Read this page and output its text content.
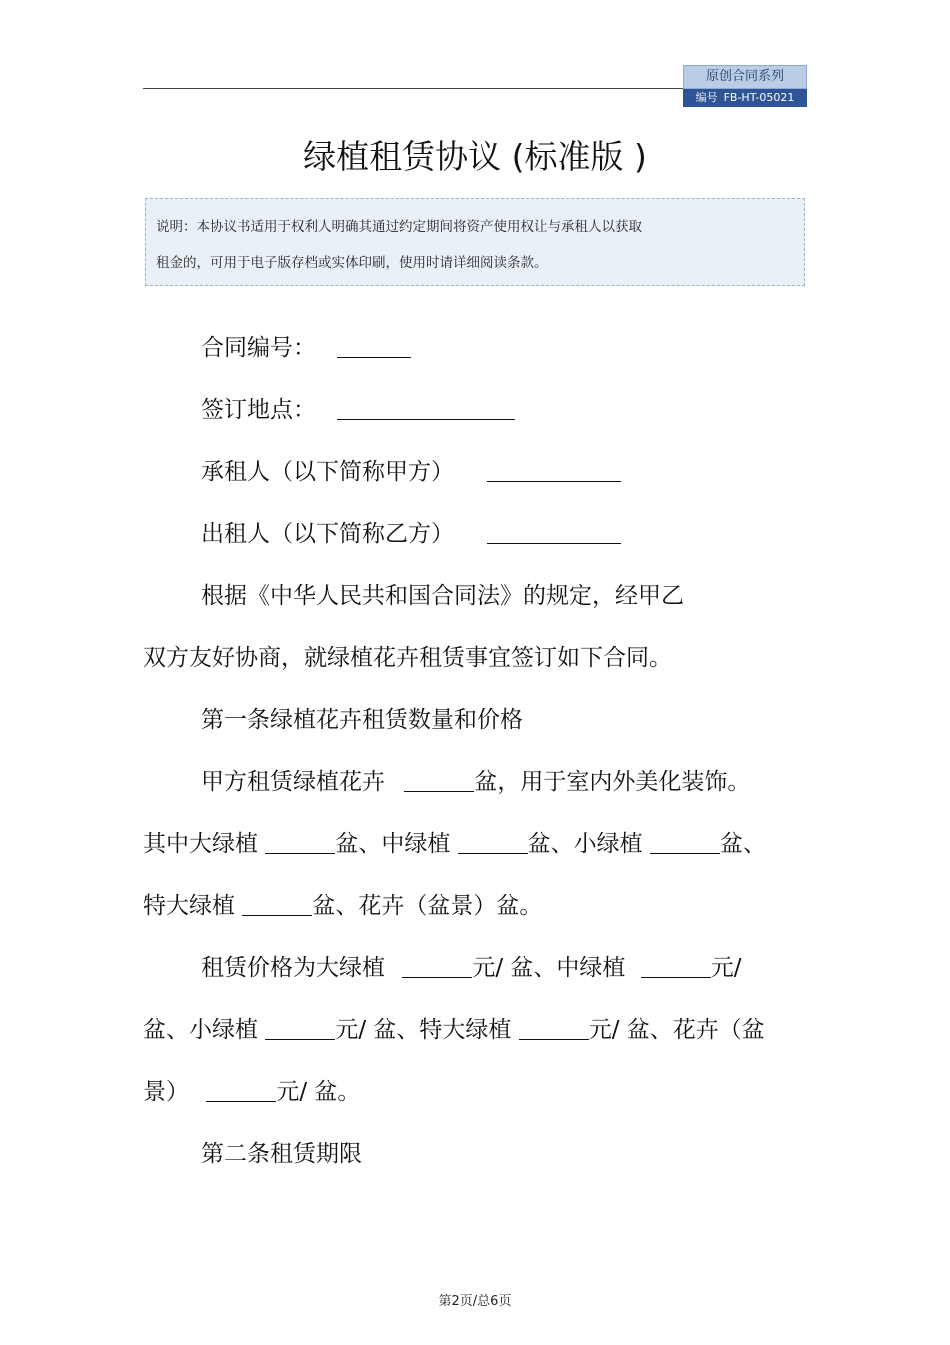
原创合同系列
编号 FB-HT-05021
绿植租赁协议 (标准版 )
说明：本协议书适用于权利人明确其通过约定期间将资产使用权让与承租人以获取
租金的，可用于电子版存档或实体印刷，使用时请详细阅读条款。
合同编号：
签订地点：
承租人（以下简称甲方）
出租人（以下简称乙方）
根据《中华人民共和国合同法》的规定，经甲乙
双方友好协商，就绿植花卉租赁事宜签订如下合同。
第一条绿植花卉租赁数量和价格
甲方租赁绿植花卉	盆，用于室内外美化装饰。
其中大绿植	盆、中绿植	盆、小绿植	盆、
特大绿植	盆、花卉（盆景）盆。
租赁价格为大绿植	元/ 盆、中绿植	元/
盆、小绿植	元/ 盆、特大绿植	元/ 盆、花卉（盆
景）	元/ 盆。
第二条租赁期限
第2页/总6页
